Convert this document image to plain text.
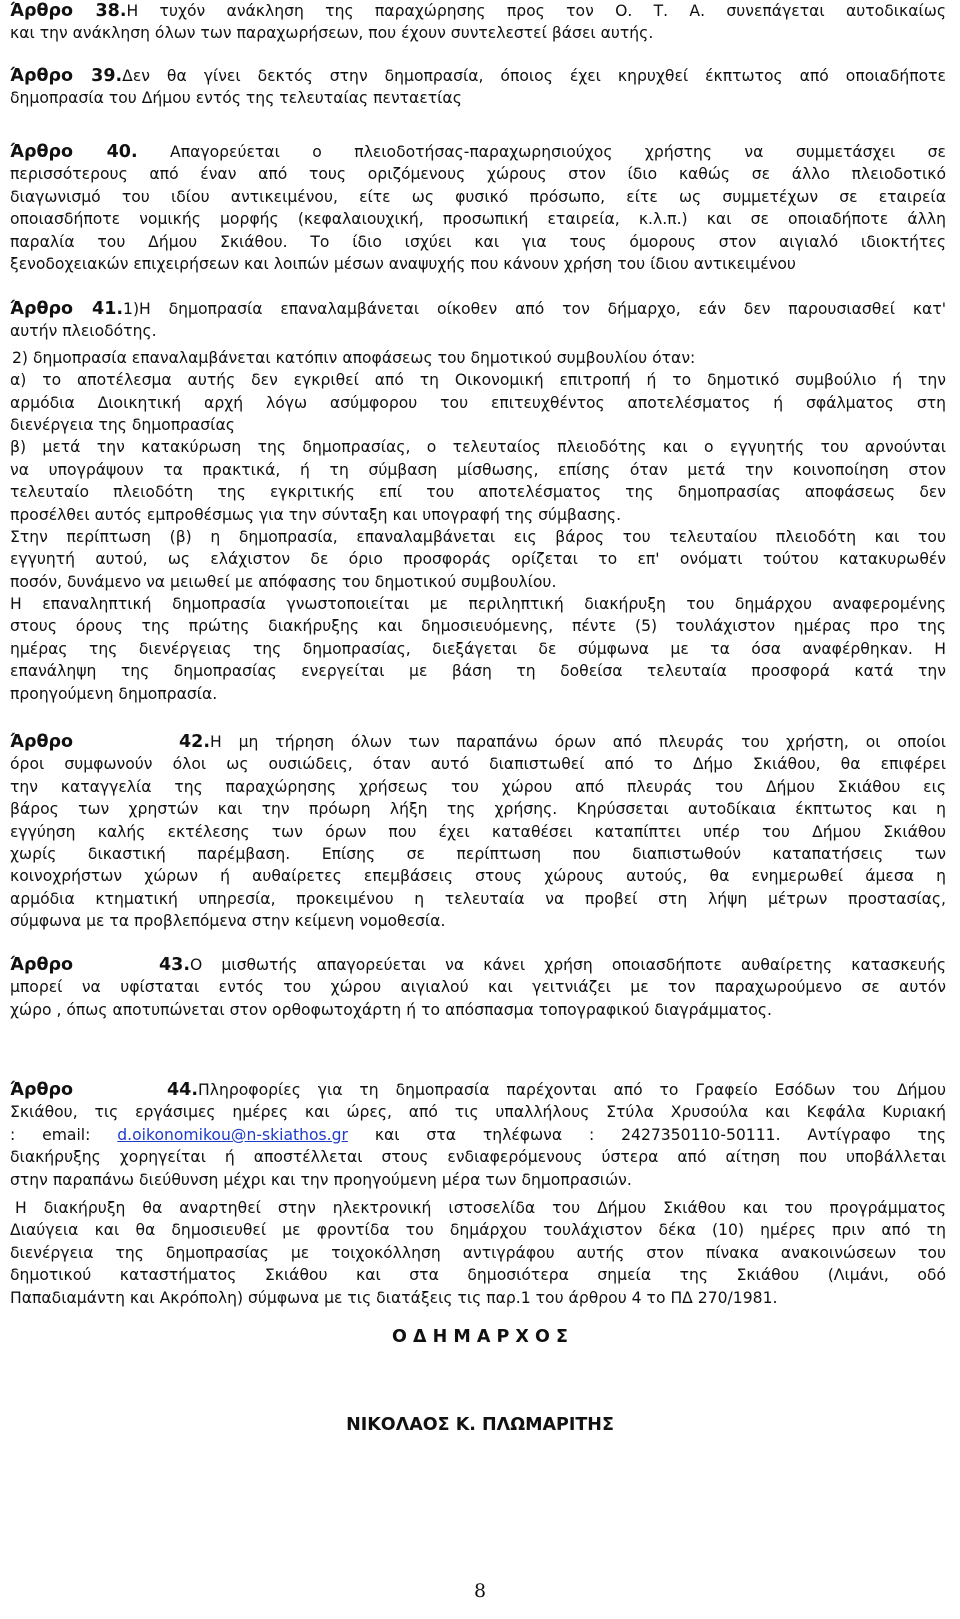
Άρθρο 38.Η τυχόν ανάκληση της παραχώρησης προς τον Ο. Τ. Α. συνεπάγεται αυτοδικαίως
και την ανάκληση όλων των παραχωρήσεων, που έχουν συντελεστεί βάσει αυτής.
Άρθρο 39.Δεν θα γίνει δεκτός στην δημοπρασία, όποιος έχει κηρυχθεί έκπτωτος από οποιαδήποτε
δημοπρασία του Δήμου εντός της τελευταίας πενταετίας
Άρθρο 40. Απαγορεύεται ο πλειοδοτήσας-παραχωρησιούχος χρήστης να συμμετάσχει σε
περισσότερους από έναν από τους οριζόμενους χώρους στον ίδιο καθώς σε άλλο πλειοδοτικό
διαγωνισμό του ιδίου αντικειμένου, είτε ως φυσικό πρόσωπο, είτε ως συμμετέχων σε εταιρεία
οποιασδήποτε νομικής μορφής (κεφαλαιουχική, προσωπική εταιρεία, κ.λ.π.) και σε οποιαδήποτε άλλη
παραλία του Δήμου Σκιάθου. Το ίδιο ισχύει και για τους όμορους στον αιγιαλό ιδιοκτήτες
ξενοδοχειακών επιχειρήσεων και λοιπών μέσων αναψυχής που κάνουν χρήση του ίδιου αντικειμένου
Άρθρο 41.1)Η δημοπρασία επαναλαμβάνεται οίκοθεν από τον δήμαρχο, εάν δεν παρουσιασθεί κατ'
αυτήν πλειοδότης.
2) δημοπρασία επαναλαμβάνεται κατόπιν αποφάσεως του δημοτικού συμβουλίου όταν:
α) το αποτέλεσμα αυτής δεν εγκριθεί από τη Οικονομική επιτροπή ή το δημοτικό συμβούλιο ή την
αρμόδια Διοικητική αρχή λόγω ασύμφορου του επιτευχθέντος αποτελέσματος ή σφάλματος στη
διενέργεια της δημοπρασίας
β) μετά την κατακύρωση της δημοπρασίας, ο τελευταίος πλειοδότης και ο εγγυητής του αρνούνται
να υπογράψουν τα πρακτικά, ή τη σύμβαση μίσθωσης, επίσης όταν μετά την κοινοποίηση στον
τελευταίο πλειοδότη της εγκριτικής επί του αποτελέσματος της δημοπρασίας αποφάσεως δεν
προσέλθει αυτός εμπροθέσμως για την σύνταξη και υπογραφή της σύμβασης.
Στην περίπτωση (β) η δημοπρασία, επαναλαμβάνεται εις βάρος του τελευταίου πλειοδότη και του
εγγυητή αυτού, ως ελάχιστον δε όριο προσφοράς ορίζεται το επ' ονόματι τούτου κατακυρωθέν
ποσόν, δυνάμενο να μειωθεί με απόφασης του δημοτικού συμβουλίου.
Η επαναληπτική δημοπρασία γνωστοποιείται με περιληπτική διακήρυξη του δημάρχου αναφερομένης
στους όρους της πρώτης διακήρυξης και δημοσιευόμενης, πέντε (5) τουλάχιστον ημέρας προ της
ημέρας της διενέργειας της δημοπρασίας, διεξάγεται δε σύμφωνα με τα όσα αναφέρθηκαν. Η
επανάληψη της δημοπρασίας ενεργείται με βάση τη δοθείσα τελευταία προσφορά κατά την
προηγούμενη δημοπρασία.
Άρθρο 42.Η μη τήρηση όλων των παραπάνω όρων από πλευράς του χρήστη, οι οποίοι
όροι συμφωνούν όλοι ως ουσιώδεις, όταν αυτό διαπιστωθεί από το Δήμο Σκιάθου, θα επιφέρει
την καταγγελία της παραχώρησης χρήσεως του χώρου από πλευράς του Δήμου Σκιάθου εις
βάρος των χρηστών και την πρόωρη λήξη της χρήσης. Κηρύσσεται αυτοδίκαια έκπτωτος και η
εγγύηση καλής εκτέλεσης των όρων που έχει καταθέσει καταπίπτει υπέρ του Δήμου Σκιάθου
χωρίς δικαστική παρέμβαση. Επίσης σε περίπτωση που διαπιστωθούν καταπατήσεις των
κοινοχρήστων χώρων ή αυθαίρετες επεμβάσεις στους χώρους αυτούς, θα ενημερωθεί άμεσα η
αρμόδια κτηματική υπηρεσία, προκειμένου η τελευταία να προβεί στη λήψη μέτρων προστασίας,
σύμφωνα με τα προβλεπόμενα στην κείμενη νομοθεσία.
Άρθρο 43.Ο μισθωτής απαγορεύεται να κάνει χρήση οποιασδήποτε αυθαίρετης κατασκευής
μπορεί να υφίσταται εντός του χώρου αιγιαλού και γειτνιάζει με τον παραχωρούμενο σε αυτόν
χώρο , όπως αποτυπώνεται στον ορθοφωτοχάρτη ή το απόσπασμα τοπογραφικού διαγράμματος.
Άρθρο 44.Πληροφορίες για τη δημοπρασία παρέχονται από το Γραφείο Εσόδων του Δήμου
Σκιάθου, τις εργάσιμες ημέρες και ώρες, από τις υπαλλήλους Στύλα Χρυσούλα και Κεφάλα Κυριακή
: email: d.oikonomikou@n-skiathos.gr και στα τηλέφωνα : 2427350110-50111. Αντίγραφο της
διακήρυξης χορηγείται ή αποστέλλεται στους ενδιαφερόμενους ύστερα από αίτηση που υποβάλλεται
στην παραπάνω διεύθυνση μέχρι και την προηγούμενη μέρα των δημοπρασιών.
Η διακήρυξη θα αναρτηθεί στην ηλεκτρονική ιστοσελίδα του Δήμου Σκιάθου και του προγράμματος
Διαύγεια και θα δημοσιευθεί με φροντίδα του δημάρχου τουλάχιστον δέκα (10) ημέρες πριν από τη
διενέργεια της δημοπρασίας με τοιχοκόλληση αντιγράφου αυτής στον πίνακα ανακοινώσεων του
δημοτικού καταστήματος Σκιάθου και στα δημοσιότερα σημεία της Σκιάθου (Λιμάνι, οδό
Παπαδιαμάντη και Ακρόπολη) σύμφωνα με τις διατάξεις τις παρ.1 του άρθρου 4 το ΠΔ 270/1981.
Ο Δ Η Μ Α Ρ Χ Ο Σ
ΝΙΚΟΛΑΟΣ Κ. ΠΛΩΜΑΡΙΤΗΣ
8
